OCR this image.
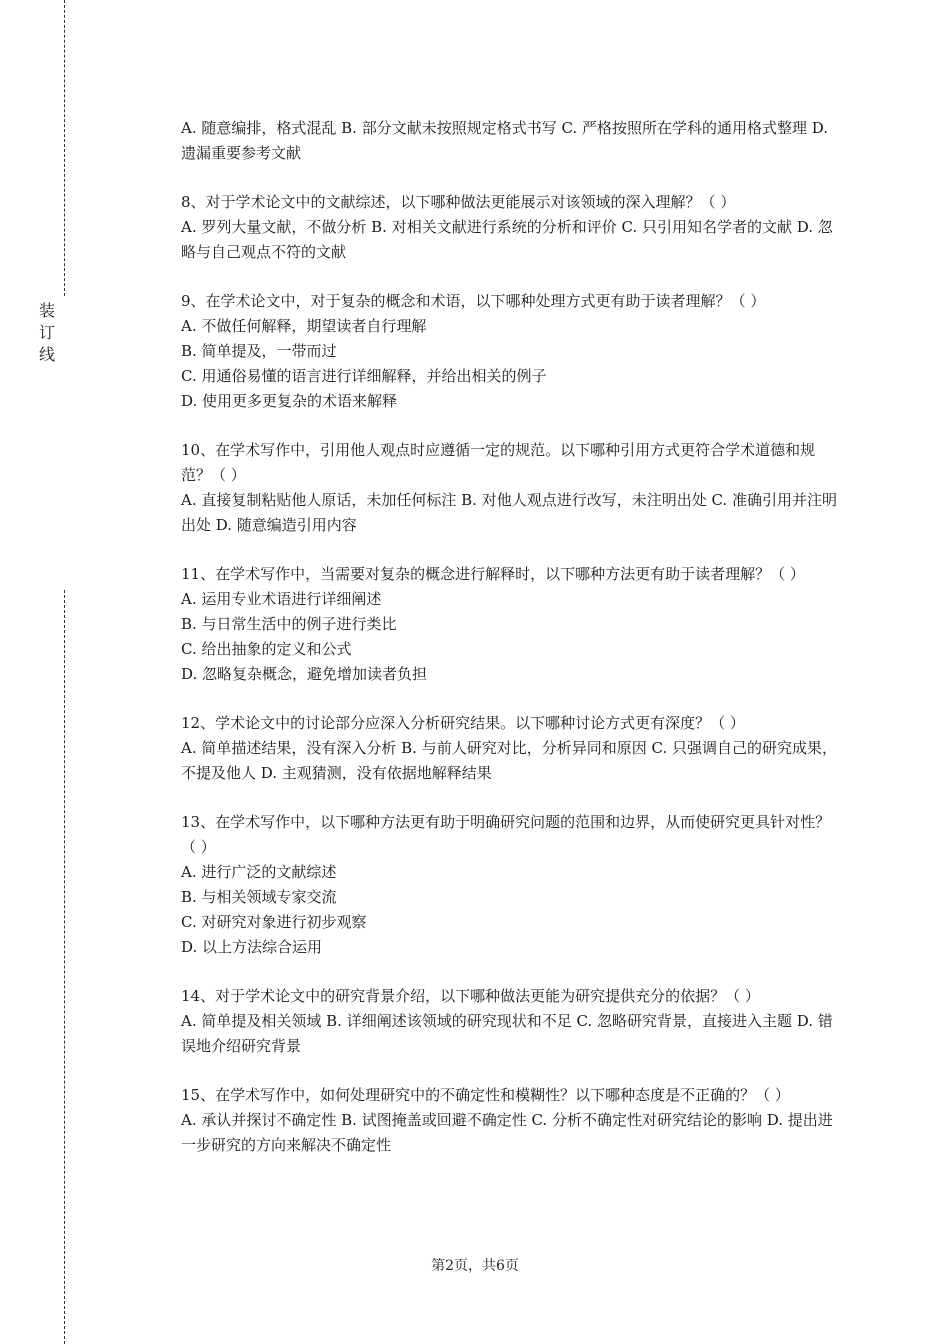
装
订
线

A. 随意编排，格式混乱 B. 部分文献未按照规定格式书写 C. 严格按照所在学科的通用格式整理 D. 遗漏重要参考文献

8、对于学术论文中的文献综述，以下哪种做法更能展示对该领域的深入理解？（ ）

A. 罗列大量文献，不做分析 B. 对相关文献进行系统的分析和评价 C. 只引用知名学者的文献 D. 忽略与自己观点不符的文献

9、在学术论文中，对于复杂的概念和术语，以下哪种处理方式更有助于读者理解？（ ）

A. 不做任何解释，期望读者自行理解

B. 简单提及，一带而过

C. 用通俗易懂的语言进行详细解释，并给出相关的例子

D. 使用更多更复杂的术语来解释

10、在学术写作中，引用他人观点时应遵循一定的规范。以下哪种引用方式更符合学术道德和规范？（ ）

A. 直接复制粘贴他人原话，未加任何标注 B. 对他人观点进行改写，未注明出处 C. 准确引用并注明出处 D. 随意编造引用内容

11、在学术写作中，当需要对复杂的概念进行解释时，以下哪种方法更有助于读者理解？（ ）

A. 运用专业术语进行详细阐述

B. 与日常生活中的例子进行类比

C. 给出抽象的定义和公式

D. 忽略复杂概念，避免增加读者负担

12、学术论文中的讨论部分应深入分析研究结果。以下哪种讨论方式更有深度？（ ）

A. 简单描述结果，没有深入分析 B. 与前人研究对比，分析异同和原因 C. 只强调自己的研究成果，不提及他人 D. 主观猜测，没有依据地解释结果

13、在学术写作中，以下哪种方法更有助于明确研究问题的范围和边界，从而使研究更具针对性？（ ）

A. 进行广泛的文献综述

B. 与相关领域专家交流

C. 对研究对象进行初步观察

D. 以上方法综合运用

14、对于学术论文中的研究背景介绍，以下哪种做法更能为研究提供充分的依据？（ ）

A. 简单提及相关领域 B. 详细阐述该领域的研究现状和不足 C. 忽略研究背景，直接进入主题 D. 错误地介绍研究背景

15、在学术写作中，如何处理研究中的不确定性和模糊性？以下哪种态度是不正确的？（ ）

A. 承认并探讨不确定性 B. 试图掩盖或回避不确定性 C. 分析不确定性对研究结论的影响 D. 提出进一步研究的方向来解决不确定性

第2页，共6页
